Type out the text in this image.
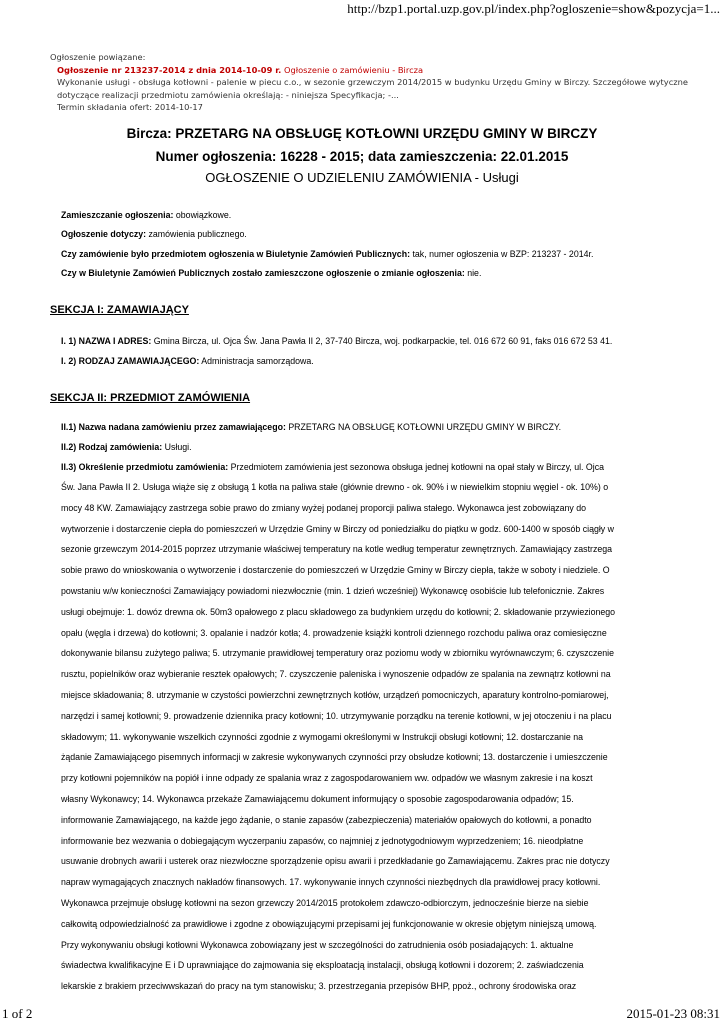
http://bzp1.portal.uzp.gov.pl/index.php?ogloszenie=show&pozycja=1...
Ogłoszenie powiązane:
Ogłoszenie nr 213237-2014 z dnia 2014-10-09 r. Ogłoszenie o zamówieniu - Bircza
Wykonanie usługi - obsługa kotłowni - palenie w piecu c.o., w sezonie grzewczym 2014/2015 w budynku Urzędu Gminy w Birczy. Szczegółowe wytyczne
dotyczące realizacji przedmiotu zamówienia określają: - niniejsza Specyfikacja; -...
Termin składania ofert: 2014-10-17
Bircza: PRZETARG NA OBSŁUGĘ KOTŁOWNI URZĘDU GMINY W BIRCZY
Numer ogłoszenia: 16228 - 2015; data zamieszczenia: 22.01.2015
OGŁOSZENIE O UDZIELENIU ZAMÓWIENIA - Usługi
Zamieszczanie ogłoszenia: obowiązkowe.
Ogłoszenie dotyczy: zamówienia publicznego.
Czy zamówienie było przedmiotem ogłoszenia w Biuletynie Zamówień Publicznych: tak, numer ogłoszenia w BZP: 213237 - 2014r.
Czy w Biuletynie Zamówień Publicznych zostało zamieszczone ogłoszenie o zmianie ogłoszenia: nie.
SEKCJA I: ZAMAWIAJĄCY
I. 1) NAZWA I ADRES: Gmina Bircza, ul. Ojca Św. Jana Pawła II 2, 37-740 Bircza, woj. podkarpackie, tel. 016 672 60 91, faks 016 672 53 41.
I. 2) RODZAJ ZAMAWIAJĄCEGO: Administracja samorządowa.
SEKCJA II: PRZEDMIOT ZAMÓWIENIA
II.1) Nazwa nadana zamówieniu przez zamawiającego: PRZETARG NA OBSŁUGĘ KOTŁOWNI URZĘDU GMINY W BIRCZY.
II.2) Rodzaj zamówienia: Usługi.
II.3) Określenie przedmiotu zamówienia: Przedmiotem zamówienia jest sezonowa obsługa jednej kotłowni na opał stały w Birczy, ul. Ojca
Św. Jana Pawła II 2. Usługa wiąże się z obsługą 1 kotła na paliwa stałe (głównie drewno - ok. 90% i w niewielkim stopniu węgiel - ok. 10%) o
mocy 48 KW. Zamawiający zastrzega sobie prawo do zmiany wyżej podanej proporcji paliwa stałego. Wykonawca jest zobowiązany do
wytworzenie i dostarczenie ciepła do pomieszczeń w Urzędzie Gminy w Birczy od poniedziałku do piątku w godz. 600-1400 w sposób ciągły w
sezonie grzewczym 2014-2015 poprzez utrzymanie właściwej temperatury na kotle według temperatur zewnętrznych. Zamawiający zastrzega
sobie prawo do wnioskowania o wytworzenie i dostarczenie do pomieszczeń w Urzędzie Gminy w Birczy ciepła, także w soboty i niedziele. O
powstaniu w/w konieczności Zamawiający powiadomi niezwłocznie (min. 1 dzień wcześniej) Wykonawcę osobiście lub telefonicznie. Zakres
usługi obejmuje: 1. dowóz drewna ok. 50m3 opałowego z placu składowego za budynkiem urzędu do kotłowni; 2. składowanie przywiezionego
opału (węgla i drzewa) do kotłowni; 3. opalanie i nadzór kotła; 4. prowadzenie książki kontroli dziennego rozchodu paliwa oraz comiesięczne
dokonywanie bilansu zużytego paliwa; 5. utrzymanie prawidłowej temperatury oraz poziomu wody w zbiorniku wyrównawczym; 6. czyszczenie
rusztu, popielników oraz wybieranie resztek opałowych; 7. czyszczenie paleniska i wynoszenie odpadów ze spalania na zewnątrz kotłowni na
miejsce składowania; 8. utrzymanie w czystości powierzchni zewnętrznych kotłów, urządzeń pomocniczych, aparatury kontrolno-pomiarowej,
narzędzi i samej kotłowni; 9. prowadzenie dziennika pracy kotłowni; 10. utrzymywanie porządku na terenie kotłowni, w jej otoczeniu i na placu
składowym; 11. wykonywanie wszelkich czynności zgodnie z wymogami określonymi w Instrukcji obsługi kotłowni; 12. dostarczanie na
żądanie Zamawiającego pisemnych informacji w zakresie wykonywanych czynności przy obsłudze kotłowni; 13. dostarczenie i umieszczenie
przy kotłowni pojemników na popiół i inne odpady ze spalania wraz z zagospodarowaniem ww. odpadów we własnym zakresie i na koszt
własny Wykonawcy; 14. Wykonawca przekaże Zamawiającemu dokument informujący o sposobie zagospodarowania odpadów; 15.
informowanie Zamawiającego, na każde jego żądanie, o stanie zapasów (zabezpieczenia) materiałów opałowych do kotłowni, a ponadto
informowanie bez wezwania o dobiegającym wyczerpaniu zapasów, co najmniej z jednotygodniowym wyprzedzeniem; 16. nieodpłatne
usuwanie drobnych awarii i usterek oraz niezwłoczne sporządzenie opisu awarii i przedkładanie go Zamawiającemu. Zakres prac nie dotyczy
napraw wymagających znacznych nakładów finansowych. 17. wykonywanie innych czynności niezbędnych dla prawidłowej pracy kotłowni.
Wykonawca przejmuje obsługę kotłowni na sezon grzewczy 2014/2015 protokołem zdawczo-odbiorczym, jednocześnie bierze na siebie
całkowitą odpowiedzialność za prawidłowe i zgodne z obowiązującymi przepisami jej funkcjonowanie w okresie objętym niniejszą umową.
Przy wykonywaniu obsługi kotłowni Wykonawca zobowiązany jest w szczególności do zatrudnienia osób posiadających: 1. aktualne
świadectwa kwalifikacyjne E i D uprawniające do zajmowania się eksploatacją instalacji, obsługą kotłowni i dozorem; 2. zaświadczenia
lekarskie z brakiem przeciwwskazań do pracy na tym stanowisku; 3. przestrzegania przepisów BHP, ppoż., ochrony środowiska oraz
1 of 2	2015-01-23 08:31
